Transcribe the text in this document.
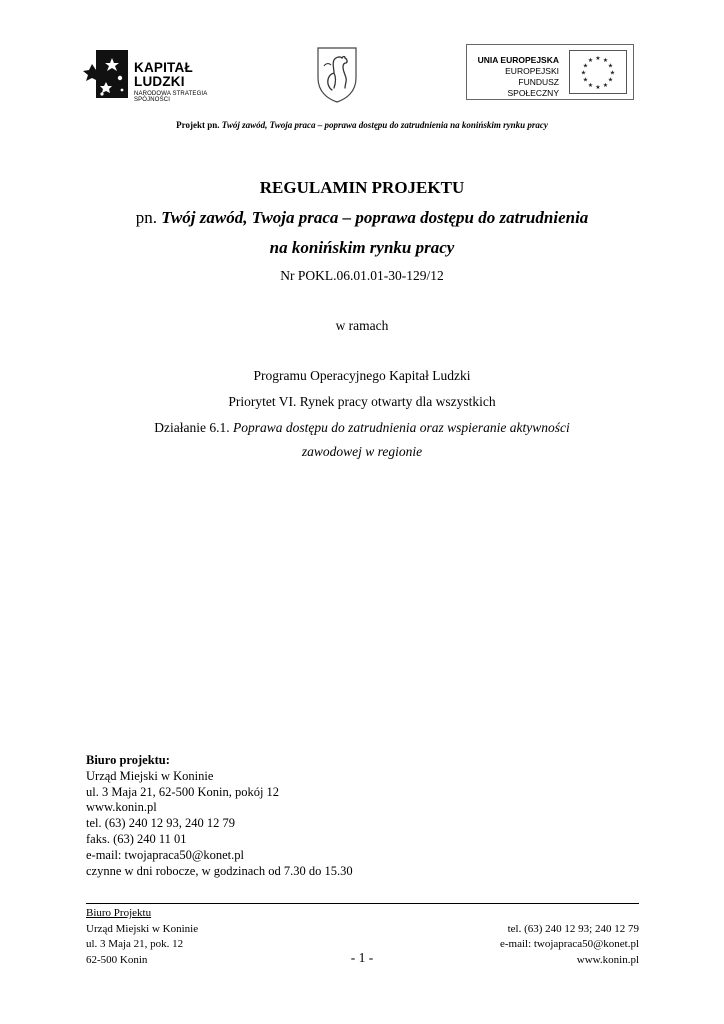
KAPITAŁ LUDZKI
NARODOWA STRATEGIA SPÓJNOŚCI
UNIA EUROPEJSKA
EUROPEJSKI
FUNDUSZ SPOŁECZNY
★ ★
★
★
★
★
★
★
★
★
★
★
Projekt pn. Twój zawód, Twoja praca – poprawa dostępu do zatrudnienia na konińskim rynku pracy
REGULAMIN PROJEKTU
pn. Twój zawód, Twoja praca – poprawa dostępu do zatrudnienia
na konińskim rynku pracy
Nr POKL.06.01.01-30-129/12
w ramach
Programu Operacyjnego Kapitał Ludzki
Priorytet VI. Rynek pracy otwarty dla wszystkich
Działanie 6.1. Poprawa dostępu do zatrudnienia oraz wspieranie aktywności
zawodowej w regionie
Biuro projektu:
Urząd Miejski w Koninie
ul. 3 Maja 21, 62-500 Konin, pokój 12
www.konin.pl
tel. (63) 240 12 93, 240 12 79
faks. (63) 240 11 01
e-mail: twojapraca50@konet.pl
czynne w dni robocze, w godzinach od 7.30 do 15.30
Biuro Projektu
Urząd Miejski w Koninie
ul. 3 Maja 21, pok. 12
62-500 Konin
tel. (63) 240 12 93; 240 12 79
e-mail: twojapraca50@konet.pl
www.konin.pl
- 1 -
